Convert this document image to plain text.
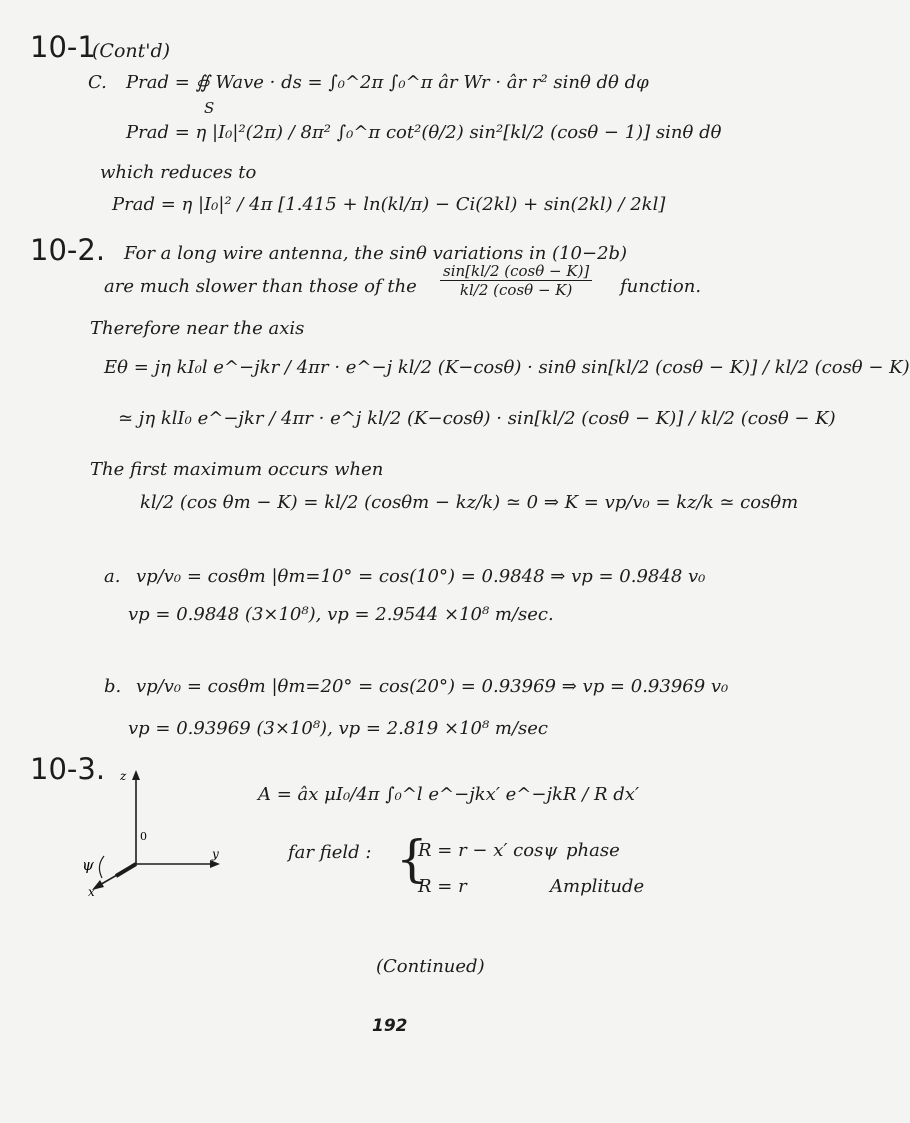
10-1
(Cont'd)
C. Prad = ∯ Wave · ds = ∫₀^2π ∫₀^π âr Wr · âr r² sinθ dθ dφ
S
Prad = η |I₀|²(2π) / 8π² ∫₀^π cot²(θ/2) sin²[kl/2 (cosθ − 1)] sinθ dθ
which reduces to
Prad = η |I₀|² / 4π [1.415 + ln(kl/π) − Ci(2kl) + sin(2kl) / 2kl]
10-2. For a long wire antenna, the sinθ variations in (10−2b)
are much slower than those of the $\frac{\sin[kl/2 (\cos\theta - K)]}{kl/2 (\cos\theta - K)}$ function.
Therefore near the axis
Eθ = jη kI₀l e^−jkr / 4πr · e^−j kl/2 (K−cosθ) · sinθ sin[kl/2 (cosθ − K)] / kl/2 (cosθ − K)
≃ jη klI₀ e^−jkr / 4πr · e^j kl/2 (K−cosθ) · sin[kl/2 (cosθ − K)] / kl/2 (cosθ − K)
The first maximum occurs when
kl/2 (cos θm − K) = kl/2 (cosθm − kz/k) ≃ 0 ⇒ K = vp/v₀ = kz/k ≃ cosθm
a. vp/v₀ = cosθm |θm=10° = cos(10°) = 0.9848 ⇒ vp = 0.9848 v₀
vp = 0.9848 (3×10⁸), vp = 2.9544 ×10⁸ m/sec.
b. vp/v₀ = cosθm |θm=20° = cos(20°) = 0.93969 ⇒ vp = 0.93969 v₀
vp = 0.93969 (3×10⁸), vp = 2.819 ×10⁸ m/sec
10-3.
A = âx μI₀/4π ∫₀^l e^−jkx′ e^−jkR / R dx′
far field : {
R = r − x′ cosψ phase
R = r	Amplitude
z
y
x
0
ψ
(Continued)
192
